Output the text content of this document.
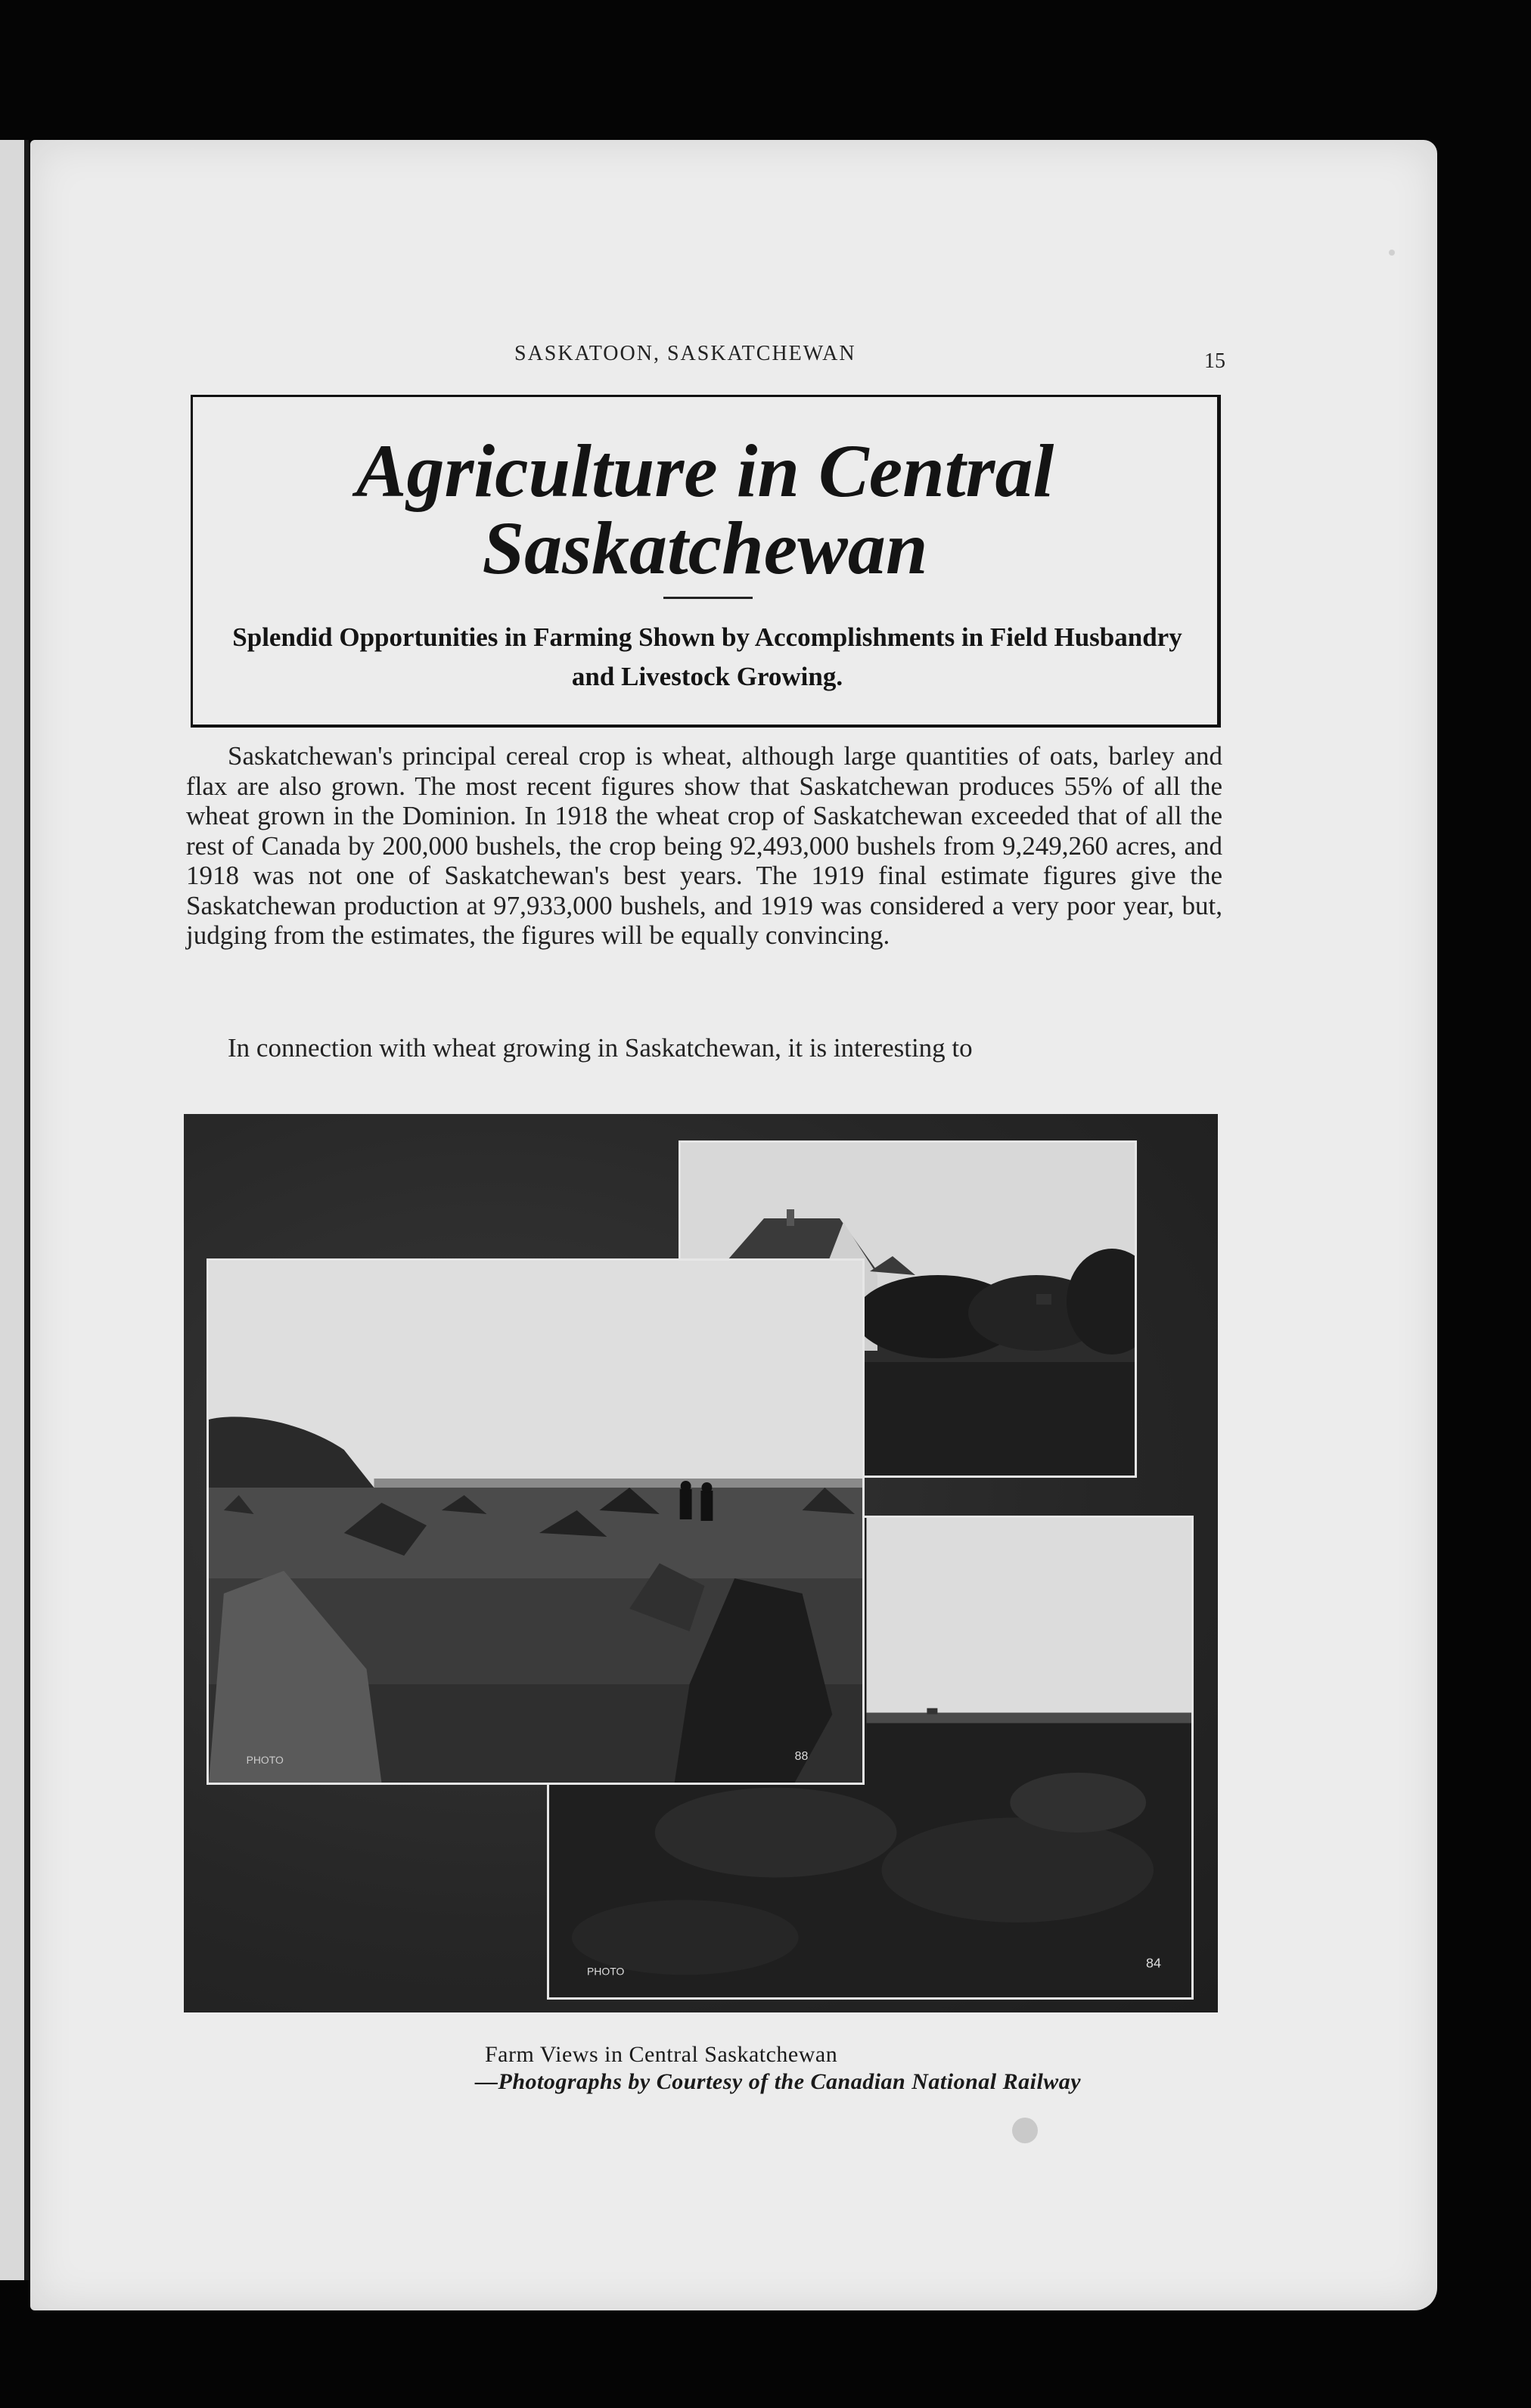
SASKATOON, SASKATCHEWAN	15
Agriculture in Central
Saskatchewan
Splendid Opportunities in Farming Shown by Accomplishments in Field Husbandry and Livestock Growing.

Saskatchewan's principal cereal crop is wheat, although large quantities of oats, barley and flax are also grown. The most recent figures show that Saskatchewan produces 55% of all the wheat grown in the Dominion. In 1918 the wheat crop of Saskatchewan exceeded that of all the rest of Canada by 200,000 bushels, the crop being 92,493,000 bushels from 9,249,260 acres, and 1918 was not one of Saskatchewan's best years. The 1919 final estimate figures give the Saskatchewan production at 97,933,000 bushels, and 1919 was considered a very poor year, but, judging from the estimates, the figures will be equally convincing.

In connection with wheat growing in Saskatchewan, it is interesting to

PHOTO
84
PHOTO	88
Farm Views in Central Saskatchewan
—Photographs by Courtesy of the Canadian National Railway
